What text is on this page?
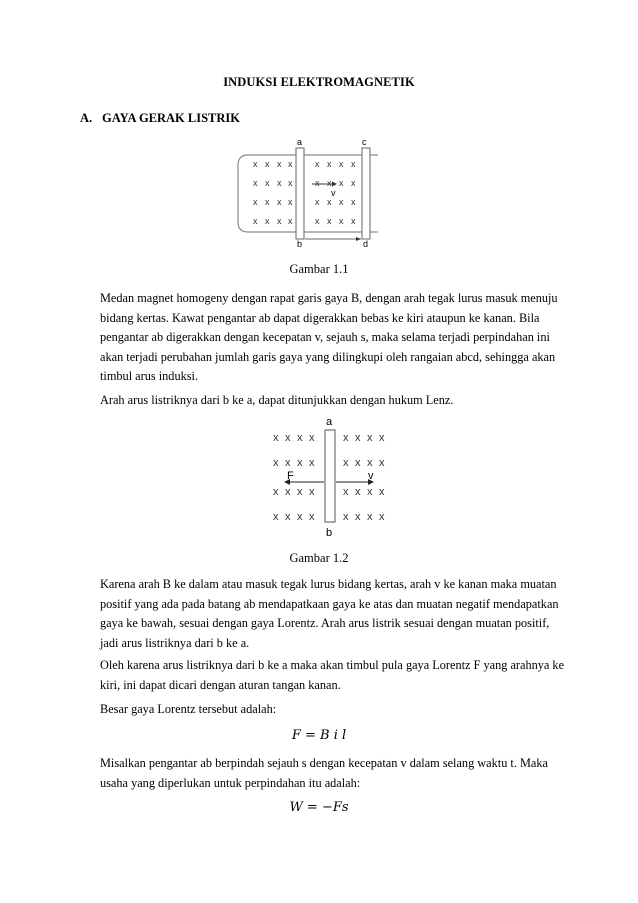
INDUKSI ELEKTROMAGNETIK
A. GAYA GERAK LISTRIK
x x x x	x x x x
x x x x	x x x x
x x x x	x x x x
x x x x	x x x x
v
a	c
b	d
Gambar 1.1
Medan magnet homogeny dengan rapat garis gaya B, dengan arah tegak lurus masuk menuju bidang kertas. Kawat pengantar ab dapat digerakkan bebas ke kiri ataupun ke kanan. Bila pengantar ab digerakkan dengan kecepatan v, sejauh s, maka selama terjadi perpindahan ini akan terjadi perubahan jumlah garis gaya yang dilingkupi oleh rangaian abcd, sehingga akan timbul arus induksi.
Arah arus listriknya dari b ke a, dapat ditunjukkan dengan hukum Lenz.
x x x x	x x x x
x x x x	x x x x
x x x x	x x x x
x x x x	x x x x
F	v
a
b
Gambar 1.2
Karena arah B ke dalam atau masuk tegak lurus bidang kertas, arah v ke kanan maka muatan positif yang ada pada batang ab mendapatkaan gaya ke atas dan muatan negatif mendapatkan gaya ke bawah, sesuai dengan gaya Lorentz. Arah arus listrik sesuai dengan muatan positif, jadi arus listriknya dari b ke a.
Oleh karena arus listriknya dari b ke a maka akan timbul pula gaya Lorentz F yang arahnya ke kiri, ini dapat dicari dengan aturan tangan kanan.
Besar gaya Lorentz tersebut adalah:
F = B i l
Misalkan pengantar ab berpindah sejauh s dengan kecepatan v dalam selang waktu t. Maka usaha yang diperlukan untuk perpindahan itu adalah:
W = −Fs
